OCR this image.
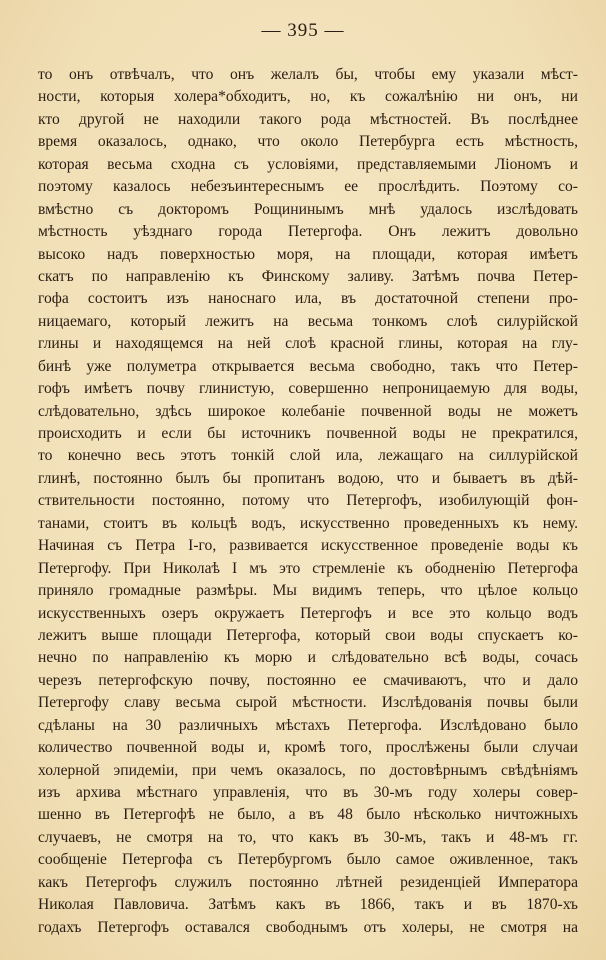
— 395 —
то онъ отвѣчалъ, что онъ желалъ бы, чтобы ему указали мѣст-
ности, которыя холера*обходитъ, но, къ сожалѣнію ни онъ, ни
кто другой не находили такого рода мѣстностей. Въ послѣднее
время оказалось, однако, что около Петербурга есть мѣстность,
которая весьма сходна съ условіями, представляемыми Ліономъ и
поэтому казалось небезъинтереснымъ ее прослѣдить. Поэтому со-
вмѣстно съ докторомъ Рощининымъ мнѣ удалось изслѣдовать
мѣстность уѣзднаго города Петергофа. Онъ лежитъ довольно
высоко надъ поверхностью моря, на площади, которая имѣетъ
скатъ по направленію къ Финскому заливу. Затѣмъ почва Петер-
гофа состоитъ изъ наноснаго ила, въ достаточной степени про-
ницаемаго, который лежитъ на весьма тонкомъ слоѣ силурійской
глины и находящемся на ней слоѣ красной глины, которая на глу-
бинѣ уже полуметра открывается весьма свободно, такъ что Петер-
гофъ имѣетъ почву глинистую, совершенно непроницаемую для воды,
слѣдовательно, здѣсь широкое колебаніе почвенной воды не можетъ
происходить и если бы источникъ почвенной воды не прекратился,
то конечно весь этотъ тонкій слой ила, лежащаго на силлурійской
глинѣ, постоянно былъ бы пропитанъ водою, что и бываетъ въ дѣй-
ствительности постоянно, потому что Петергофъ, изобилующій фон-
танами, стоитъ въ кольцѣ водъ, искусственно проведенныхъ къ нему.
Начиная съ Петра I-го, развивается искусственное проведеніе воды къ
Петергофу. При Николаѣ I мъ это стремленіе къ ободненію Петергофа
приняло громадные размѣры. Мы видимъ теперь, что цѣлое кольцо
искусственныхъ озеръ окружаетъ Петергофъ и все это кольцо водъ
лежитъ выше площади Петергофа, который свои воды спускаетъ ко-
нечно по направленію къ морю и слѣдовательно всѣ воды, сочась
черезъ петергофскую почву, постоянно ее смачиваютъ, что и дало
Петергофу славу весьма сырой мѣстности. Изслѣдованія почвы были
сдѣланы на 30 различныхъ мѣстахъ Петергофа. Изслѣдовано было
количество почвенной воды и, кромѣ того, прослѣжены были случаи
холерной эпидеміи, при чемъ оказалось, по достовѣрнымъ свѣдѣніямъ
изъ архива мѣстнаго управленія, что въ 30-мъ году холеры совер-
шенно въ Петергофѣ не было, а въ 48 было нѣсколько ничтожныхъ
случаевъ, не смотря на то, что какъ въ 30-мъ, такъ и 48-мъ гг.
сообщеніе Петергофа съ Петербургомъ было самое оживленное, такъ
какъ Петергофъ служилъ постоянно лѣтней резиденціей Императора
Николая Павловича. Затѣмъ какъ въ 1866, такъ и въ 1870-хъ
годахъ Петергофъ оставался свободнымъ отъ холеры, не смотря на
